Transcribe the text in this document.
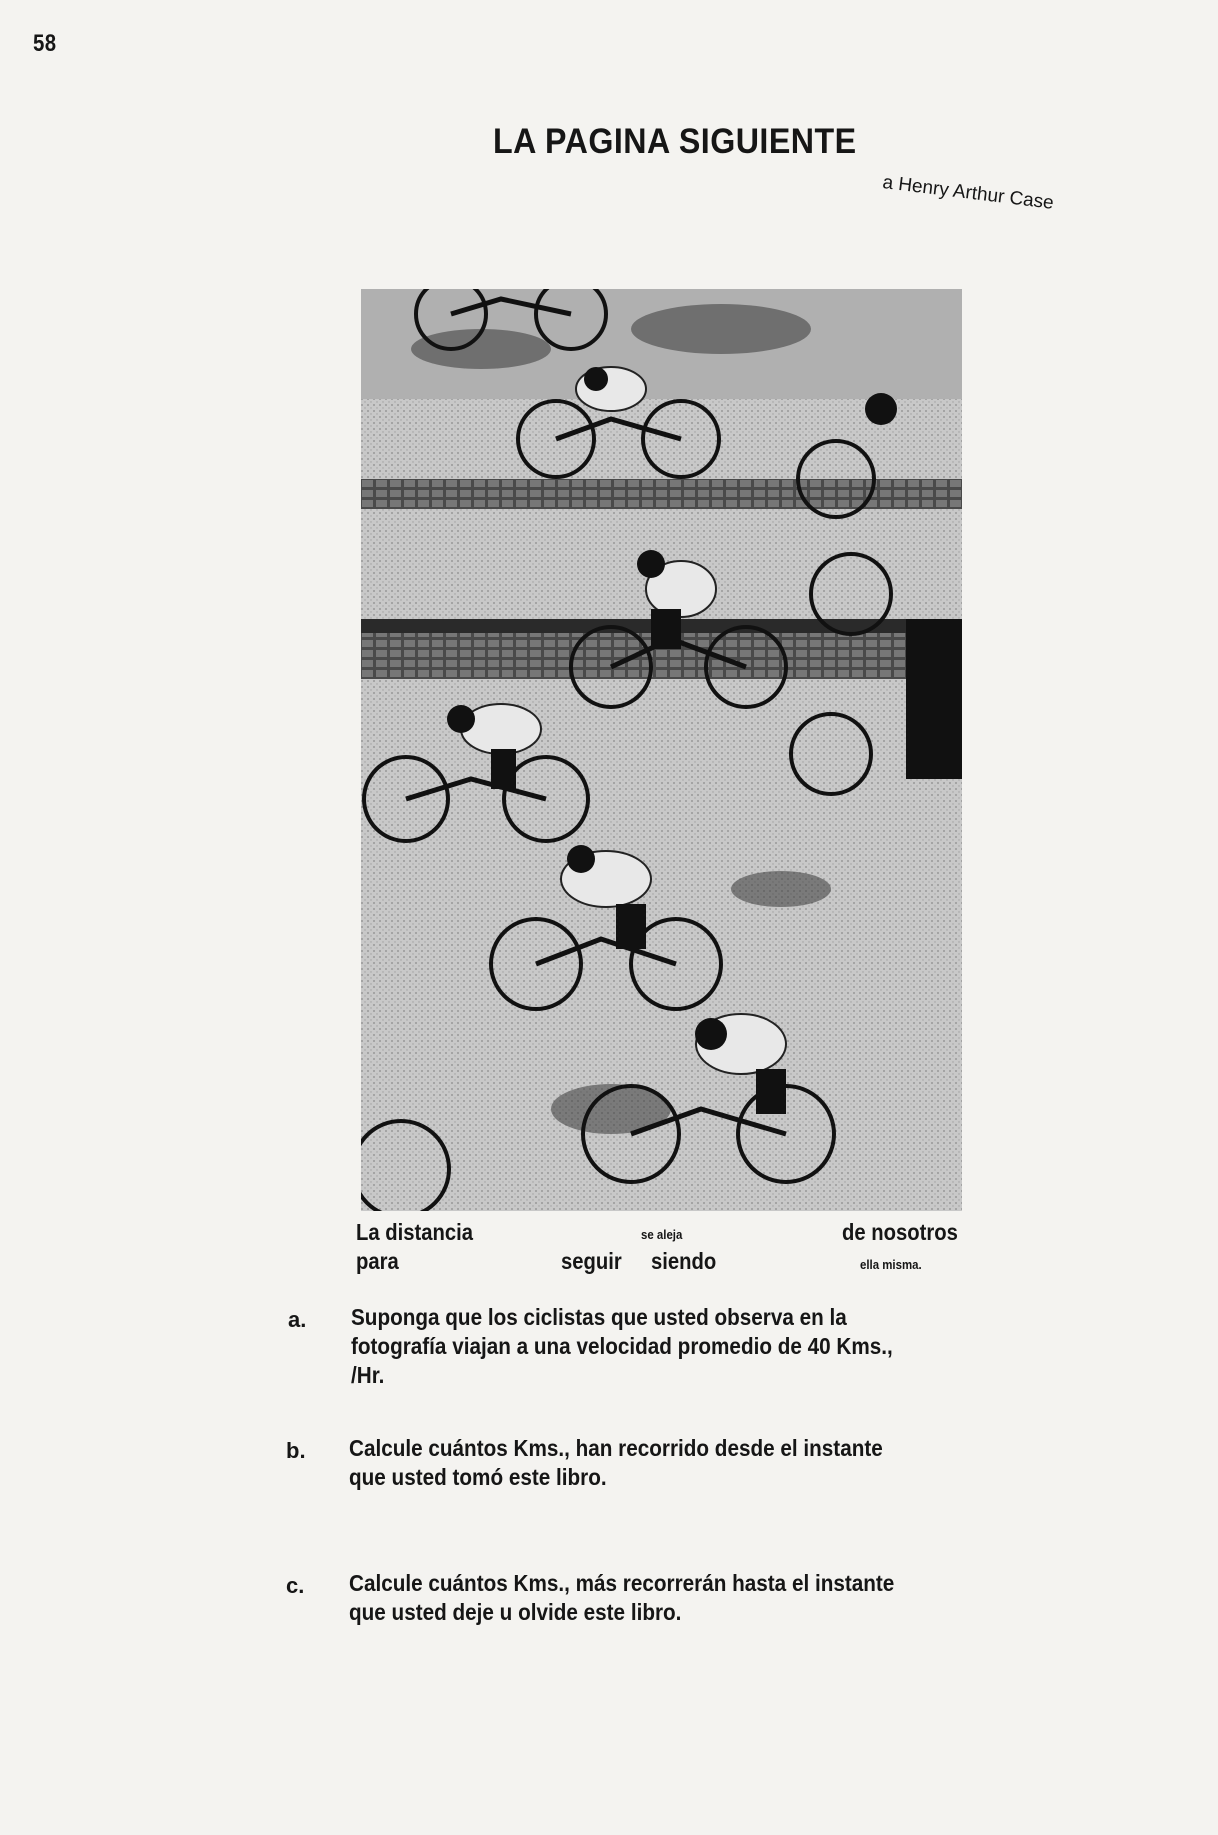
58
LA PAGINA SIGUIENTE
a Henry Arthur Case
La distancia	se aleja	de nosotros
para	seguir siendo	ella misma.
a. Suponga que los ciclistas que usted observa en la fotografía viajan a una velocidad promedio de 40 Kms., /Hr.
b. Calcule cuántos Kms., han recorrido desde el instante que usted tomó este libro.
c. Calcule cuántos Kms., más recorrerán hasta el instante que usted deje u olvide este libro.
